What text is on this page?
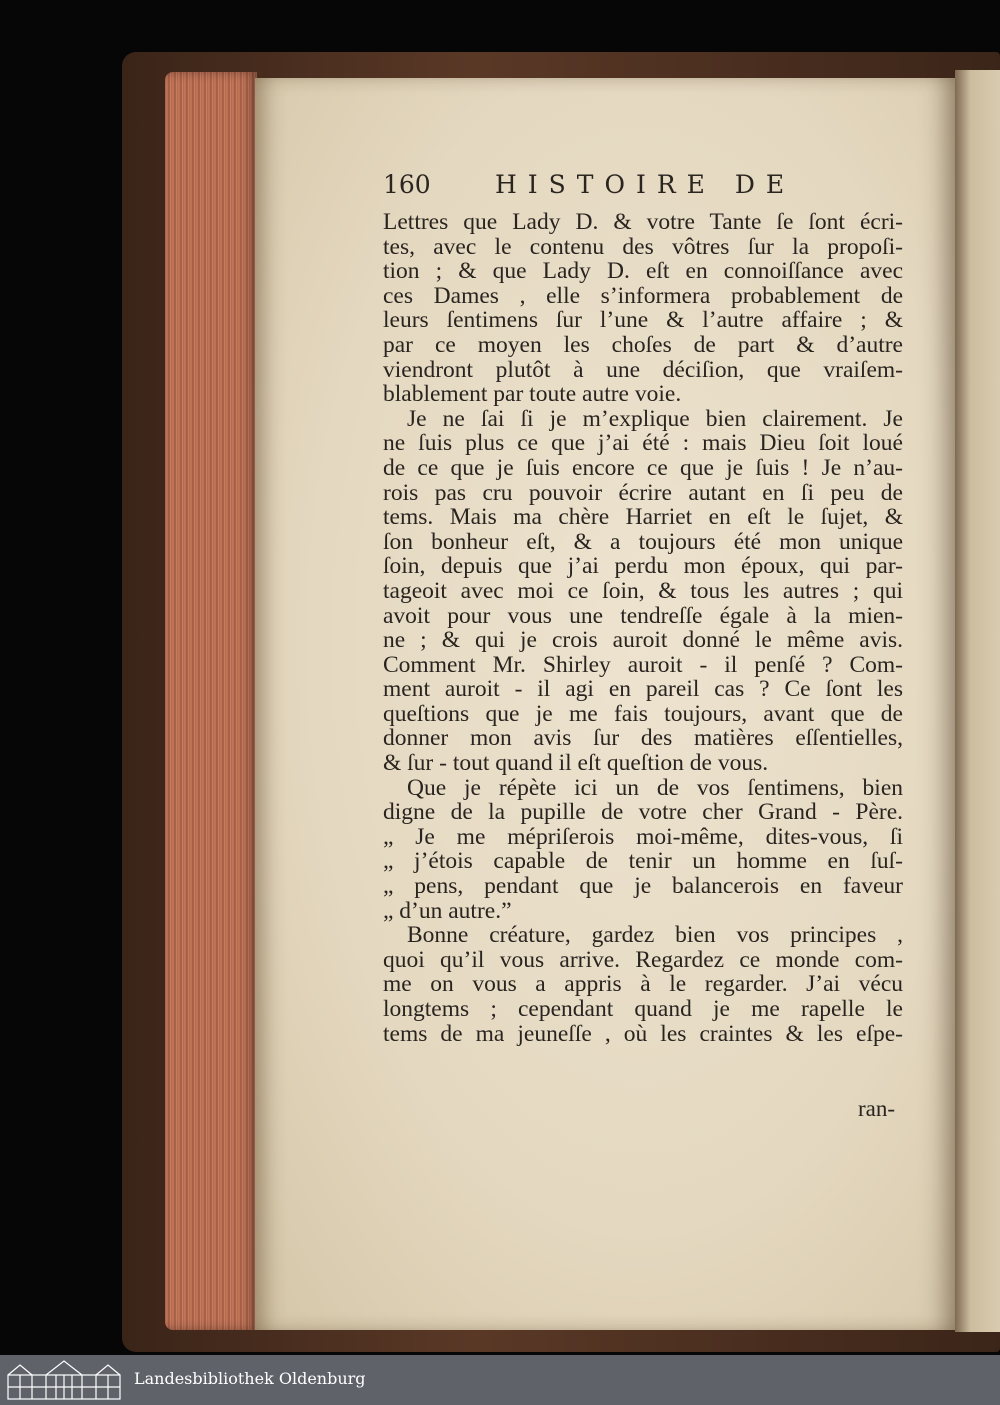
160	HISTOIRE DE
Lettres que Lady D. & votre Tante ſe ſont écri-
tes, avec le contenu des vôtres ſur la propoſi-
tion ; & que Lady D. eſt en connoiſſance avec
ces Dames , elle s’informera probablement de
leurs ſentimens ſur l’une & l’autre affaire ; &
par ce moyen les choſes de part & d’autre
viendront plutôt à une déciſion, que vraiſem-
blablement par toute autre voie.
Je ne ſai ſi je m’explique bien clairement. Je
ne ſuis plus ce que j’ai été : mais Dieu ſoit loué
de ce que je ſuis encore ce que je ſuis ! Je n’au-
rois pas cru pouvoir écrire autant en ſi peu de
tems. Mais ma chère Harriet en eſt le ſujet, &
ſon bonheur eſt, & a toujours été mon unique
ſoin, depuis que j’ai perdu mon époux, qui par-
tageoit avec moi ce ſoin, & tous les autres ; qui
avoit pour vous une tendreſſe égale à la mien-
ne ; & qui je crois auroit donné le même avis.
Comment Mr. Shirley auroit - il penſé ? Com-
ment auroit - il agi en pareil cas ? Ce ſont les
queſtions que je me fais toujours, avant que de
donner mon avis ſur des matières eſſentielles,
& ſur - tout quand il eſt queſtion de vous.
Que je répète ici un de vos ſentimens, bien
digne de la pupille de votre cher Grand - Père.
„ Je me mépriſerois moi-même, dites-vous, ſi
„ j’étois capable de tenir un homme en ſuſ-
„ pens, pendant que je balancerois en faveur
„ d’un autre.”
Bonne créature, gardez bien vos principes ,
quoi qu’il vous arrive. Regardez ce monde com-
me on vous a appris à le regarder. J’ai vécu
longtems ; cependant quand je me rapelle le
tems de ma jeuneſſe , où les craintes & les eſpe-
ran-
Landesbibliothek Oldenburg
